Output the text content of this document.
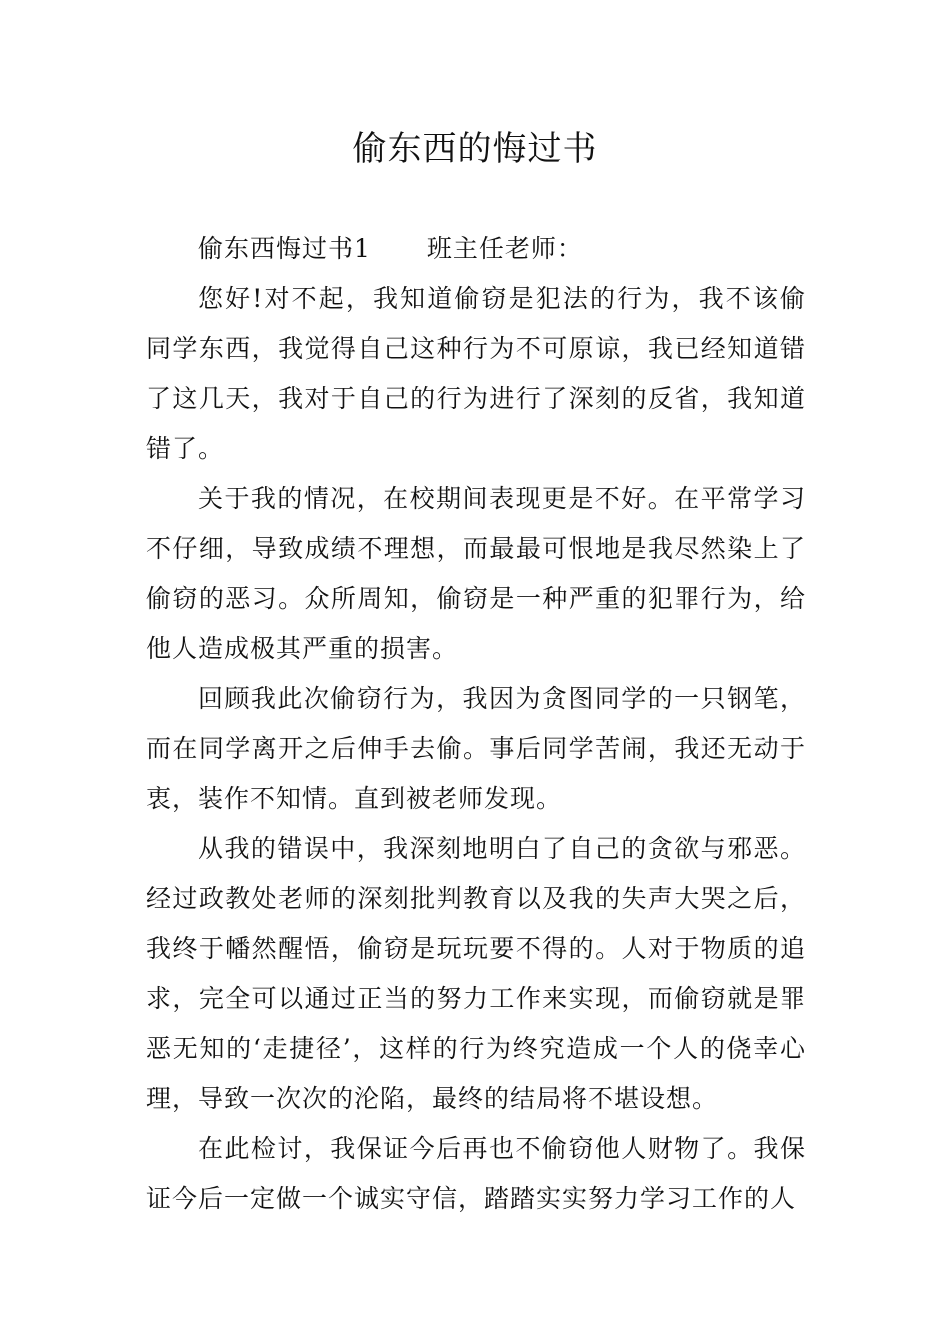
偷东西的悔过书

偷东西悔过书1 班主任老师：

您好!对不起，我知道偷窃是犯法的行为，我不该偷同学东西，我觉得自己这种行为不可原谅，我已经知道错了这几天，我对于自己的行为进行了深刻的反省，我知道错了。

关于我的情况，在校期间表现更是不好。在平常学习不仔细，导致成绩不理想，而最最可恨地是我尽然染上了偷窃的恶习。众所周知，偷窃是一种严重的犯罪行为，给他人造成极其严重的损害。

回顾我此次偷窃行为，我因为贪图同学的一只钢笔，而在同学离开之后伸手去偷。事后同学苦闹，我还无动于衷，装作不知情。直到被老师发现。

从我的错误中，我深刻地明白了自己的贪欲与邪恶。经过政教处老师的深刻批判教育以及我的失声大哭之后，我终于幡然醒悟，偷窃是玩玩要不得的。人对于物质的追求，完全可以通过正当的努力工作来实现，而偷窃就是罪恶无知的‘走捷径’，这样的行为终究造成一个人的侥幸心理，导致一次次的沦陷，最终的结局将不堪设想。

在此检讨，我保证今后再也不偷窃他人财物了。我保证今后一定做一个诚实守信，踏踏实实努力学习工作的人
